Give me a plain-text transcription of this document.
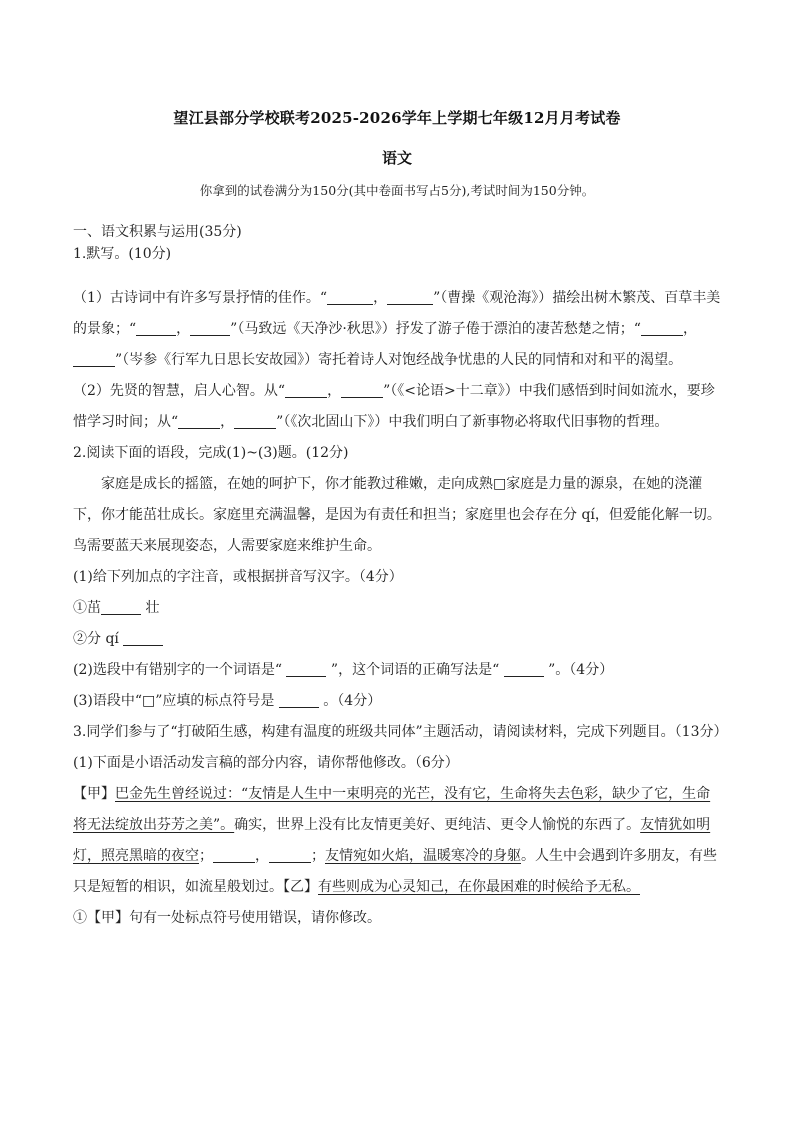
望江县部分学校联考2025-2026学年上学期七年级12月月考试卷
语文
你拿到的试卷满分为150分(其中卷面书写占5分),考试时间为150分钟。

一、语文积累与运用(35分)

1.默写。(10分)

（1）古诗词中有许多写景抒情的佳作。“	，	”（曹操《观沧海》）描绘出树木繁茂、百草丰美的景象；“	，	”（马致远《天净沙·秋思》）抒发了游子倦于漂泊的凄苦愁楚之情；“	，”（岑参《行军九日思长安故园》）寄托着诗人对饱经战争忧患的人民的同情和对和平的渴望。

（2）先贤的智慧，启人心智。从“	，	”（《<论语>十二章》）中我们感悟到时间如流水，要珍惜学习时间；从“	，	”（《次北固山下》）中我们明白了新事物必将取代旧事物的哲理。

2.阅读下面的语段，完成(1)~(3)题。(12分)

家庭是成长的摇篮，在她的呵护下，你才能教过稚嫩，走向成熟□家庭是力量的源泉，在她的浇灌下，你才能茁壮成长。家庭里充满温馨，是因为有责任和担当；家庭里也会存在分 qí，但爱能化解一切。鸟需要蓝天来展现姿态，人需要家庭来维护生命。

(1)给下列加点的字注音，或根据拼音写汉字。（4分）

①茁	壮

②分 qí

(2)选段中有错别字的一个词语是“	”，这个词语的正确写法是“	”。（4分）

(3)语段中“□”应填的标点符号是	。（4分）

3.同学们参与了“打破陌生感，构建有温度的班级共同体”主题活动，请阅读材料，完成下列题目。（13分）

(1)下面是小语活动发言稿的部分内容，请你帮他修改。（6分）

【甲】巴金先生曾经说过：“友情是人生中一束明亮的光芒，没有它，生命将失去色彩，缺少了它，生命将无法绽放出芬芳之美”。确实，世界上没有比友情更美好、更纯洁、更令人愉悦的东西了。友情犹如明灯，照亮黑暗的夜空；	，	；友情宛如火焰，温暖寒冷的身躯。人生中会遇到许多朋友，有些只是短暂的相识，如流星般划过。【乙】有些则成为心灵知己，在你最困难的时候给予无私。

①【甲】句有一处标点符号使用错误，请你修改。
